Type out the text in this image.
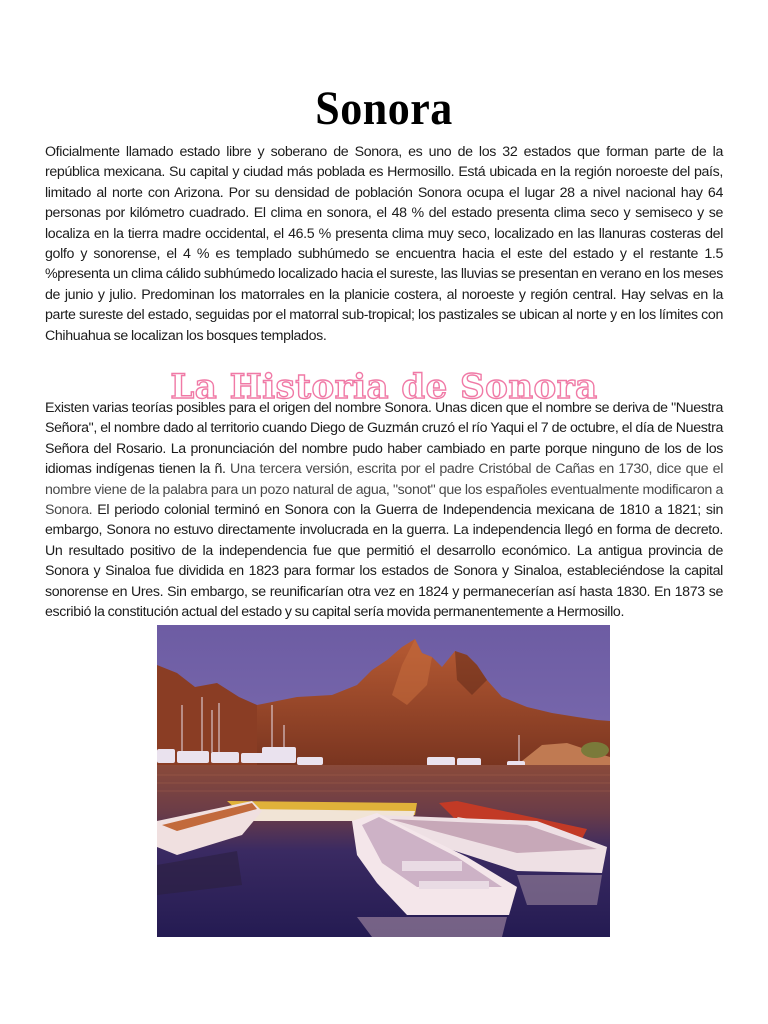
Sonora

Oficialmente llamado estado libre y soberano de Sonora, es uno de los 32 estados que forman parte de la república mexicana. Su capital y ciudad más poblada es Hermosillo. Está ubicada en la región noroeste del país, limitado al norte con Arizona. Por su densidad de población Sonora ocupa el lugar 28 a nivel nacional hay 64 personas por kilómetro cuadrado. El clima en sonora, el 48 % del estado presenta clima seco y semiseco y se localiza en la tierra madre occidental, el 46.5 % presenta clima muy seco, localizado en las llanuras costeras del golfo y sonorense, el 4 % es templado subhúmedo se encuentra hacia el este del estado y el restante 1.5 %presenta un clima cálido subhúmedo localizado hacia el sureste, las lluvias se presentan en verano en los meses de junio y julio. Predominan los matorrales en la planicie costera, al noroeste y región central. Hay selvas en la parte sureste del estado, seguidas por el matorral sub-tropical; los pastizales se ubican al norte y en los límites con Chihuahua se localizan los bosques templados.

La Historia de Sonora

Existen varias teorías posibles para el origen del nombre Sonora. Unas dicen que el nombre se deriva de "Nuestra Señora", el nombre dado al territorio cuando Diego de Guzmán cruzó el río Yaqui el 7 de octubre, el día de Nuestra Señora del Rosario. La pronunciación del nombre pudo haber cambiado en parte porque ninguno de los de los idiomas indígenas tienen la ñ. Una tercera versión, escrita por el padre Cristóbal de Cañas en 1730, dice que el nombre viene de la palabra para un pozo natural de agua, "sonot" que los españoles eventualmente modificaron a Sonora. El periodo colonial terminó en Sonora con la Guerra de Independencia mexicana de 1810 a 1821; sin embargo, Sonora no estuvo directamente involucrada en la guerra. La independencia llegó en forma de decreto. Un resultado positivo de la independencia fue que permitió el desarrollo económico. La antigua provincia de Sonora y Sinaloa fue dividida en 1823 para formar los estados de Sonora y Sinaloa, estableciéndose la capital sonorense en Ures. Sin embargo, se reunificarían otra vez en 1824 y permanecerían así hasta 1830. En 1873 se escribió la constitución actual del estado y su capital sería movida permanentemente a Hermosillo.
